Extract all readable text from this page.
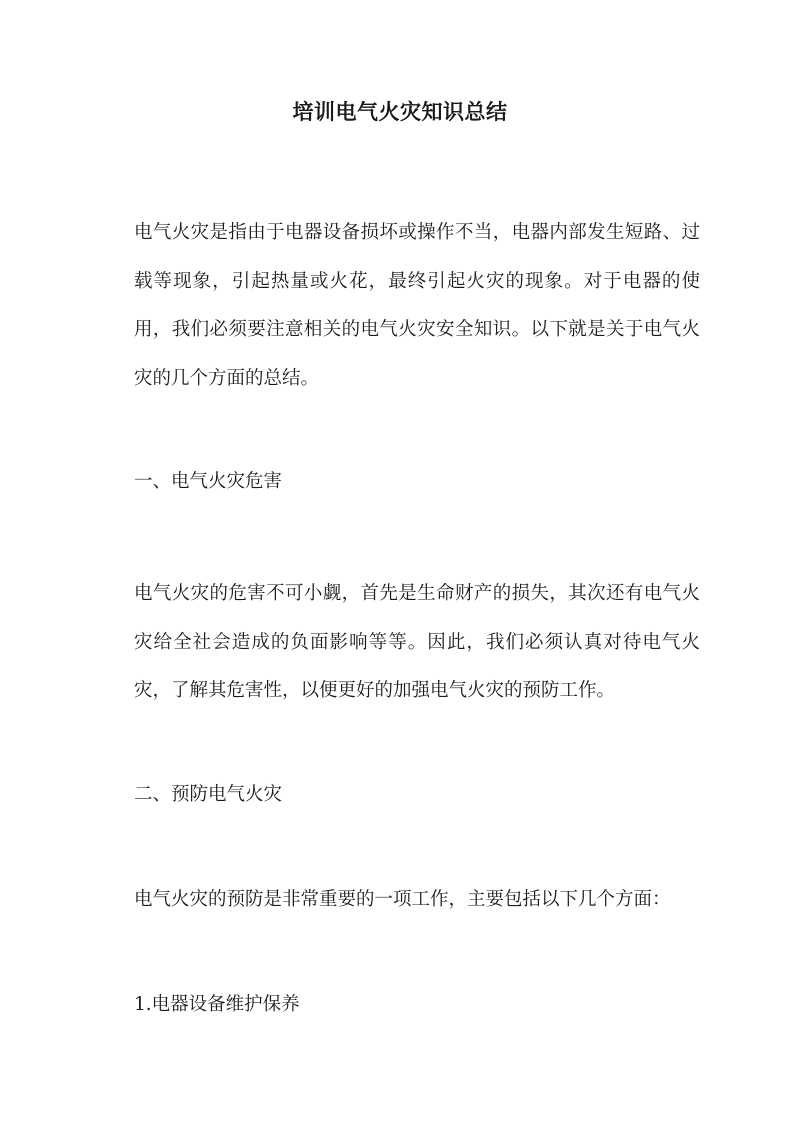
培训电气火灾知识总结

电气火灾是指由于电器设备损坏或操作不当，电器内部发生短路、过载等现象，引起热量或火花，最终引起火灾的现象。对于电器的使用，我们必须要注意相关的电气火灾安全知识。以下就是关于电气火灾的几个方面的总结。

一、电气火灾危害

电气火灾的危害不可小觑，首先是生命财产的损失，其次还有电气火灾给全社会造成的负面影响等等。因此，我们必须认真对待电气火灾，了解其危害性，以便更好的加强电气火灾的预防工作。

二、预防电气火灾

电气火灾的预防是非常重要的一项工作，主要包括以下几个方面：

1.电器设备维护保养
